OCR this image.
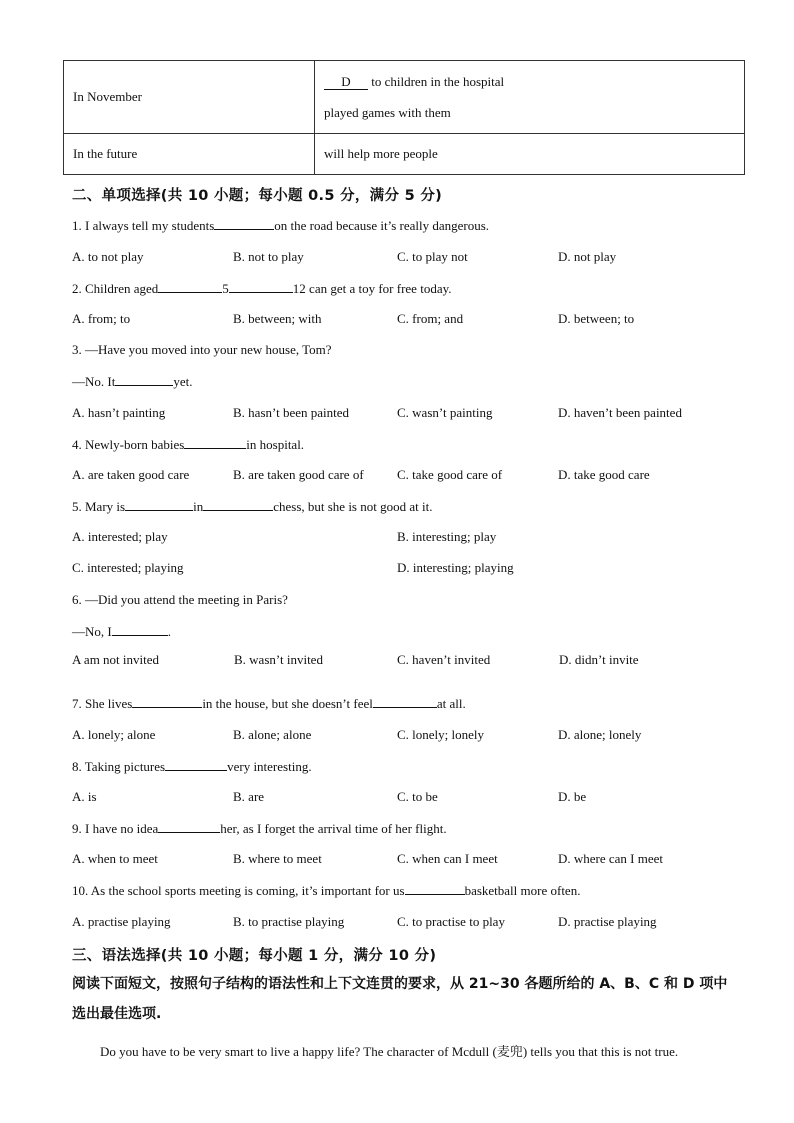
In November	D to children in the hospital
played games with them

In the future	will help more people
二、单项选择(共 10 小题；每小题 0.5 分，满分 5 分)
1. I always tell my students	on the road because it’s really dangerous.
A. to not play	B. not to play	C. to play not	D. not play
2. Children aged	5	12 can get a toy for free today.
A. from; to	B. between; with	C. from; and	D. between; to
3. —Have you moved into your new house, Tom?
—No. It	yet.
A. hasn’t painting	B. hasn’t been painted	C. wasn’t painting	D. haven’t been painted
4. Newly-born babies	in hospital.
A. are taken good care	B. are taken good care of	C. take good care of	D. take good care
5. Mary is	in	chess, but she is not good at it.
A. interested; play	B. interesting; play
C. interested; playing	D. interesting; playing
6. —Did you attend the meeting in Paris?
—No, I	.
A am not invited	B. wasn’t invited	C. haven’t invited	D. didn’t invite
7. She lives	in the house, but she doesn’t feel	at all.
A. lonely; alone	B. alone; alone	C. lonely; lonely	D. alone; lonely
8. Taking pictures	very interesting.
A. is	B. are	C. to be	D. be
9. I have no idea	her, as I forget the arrival time of her flight.
A. when to meet	B. where to meet	C. when can I meet	D. where can I meet
10. As the school sports meeting is coming, it’s important for us	basketball more often.
A. practise playing	B. to practise playing	C. to practise to play	D. practise playing
三、语法选择(共 10 小题；每小题 1 分，满分 10 分)
阅读下面短文，按照句子结构的语法性和上下文连贯的要求，从 21~30 各题所给的 A、B、C 和 D 项中选出最佳选项.
Do you have to be very smart to live a happy life? The character of Mcdull (麦兜) tells you that this is not true.
